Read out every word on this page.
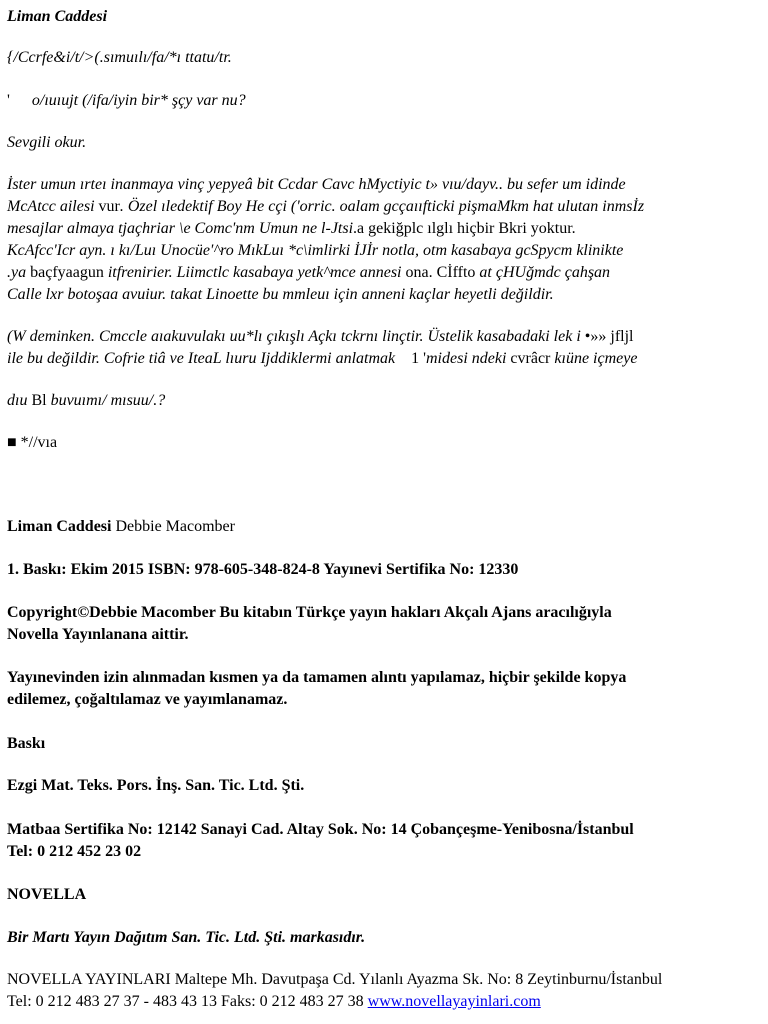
Liman Caddesi

{/Ccrfe&i/t/>(.sımuılı/fa/*ı ttatu/tr.

' o/ıuıujt (/ifa/iyin bir* şçy var nu?

Sevgili okur.

İster umun ırteı inanmaya vinç yepyeâ bit Ccdar Cavc hMyctiyic t» vıu/dayv.. bu sefer um idinde

McAtcc ailesi vur. Özel ıledektif Boy He cçi ('orric. oalam gcçaııfticki pişmaMkm hat ulutan inmsİz

mesajlar almaya tjaçhriar \e Comc'nm Umun ne l-Jtsi.a gekiğplc ılglı hiçbir Bkri yoktur.

KcAfcc'Icr ayn. ı kı/Luı Unocüe'^ro MıkLuı *c\imlirki İJİr notla, otm kasabaya gcSpycm klinikte

.ya baçfyaagun itfrenirier. Liimctlc kasabaya yetk^mce annesi ona. Cİffto at çHUğmdc çahşan

Calle lxr botoşaa avuiur. takat Linoette bu mmleuı için anneni kaçlar heyetli değildir.

(W deminken. Cmccle aıakuvulakı uu*lı çıkışlı Açkı tckrnı linçtir. Üstelik kasabadaki lek i •»» jfljl

ile bu değildir. Cofrie tiâ ve IteaL lıuru Ijddiklermi anlatmak 1 'midesi ndeki cvrâcr kıüne içmeye

dıu Bl buvuımı/ mısuu/.?

■ *//vıa

Liman Caddesi Debbie Macomber

1. Baskı: Ekim 2015 ISBN: 978-605-348-824-8 Yayınevi Sertifika No: 12330

Copyright©Debbie Macomber Bu kitabın Türkçe yayın hakları Akçalı Ajans aracılığıyla

Novella Yayınlanana aittir.

Yayınevinden izin alınmadan kısmen ya da tamamen alıntı yapılamaz, hiçbir şekilde kopya

edilemez, çoğaltılamaz ve yayımlanamaz.

Baskı

Ezgi Mat. Teks. Pors. İnş. San. Tic. Ltd. Şti.

Matbaa Sertifika No: 12142 Sanayi Cad. Altay Sok. No: 14 Çobançeşme-Yenibosna/İstanbul

Tel: 0 212 452 23 02

NOVELLA

Bir Martı Yayın Dağıtım San. Tic. Ltd. Şti. markasıdır.

NOVELLA YAYINLARI Maltepe Mh. Davutpaşa Cd. Yılanlı Ayazma Sk. No: 8 Zeytinburnu/İstanbul

Tel: 0 212 483 27 37 - 483 43 13 Faks: 0 212 483 27 38 www.novellayayinlari.com
